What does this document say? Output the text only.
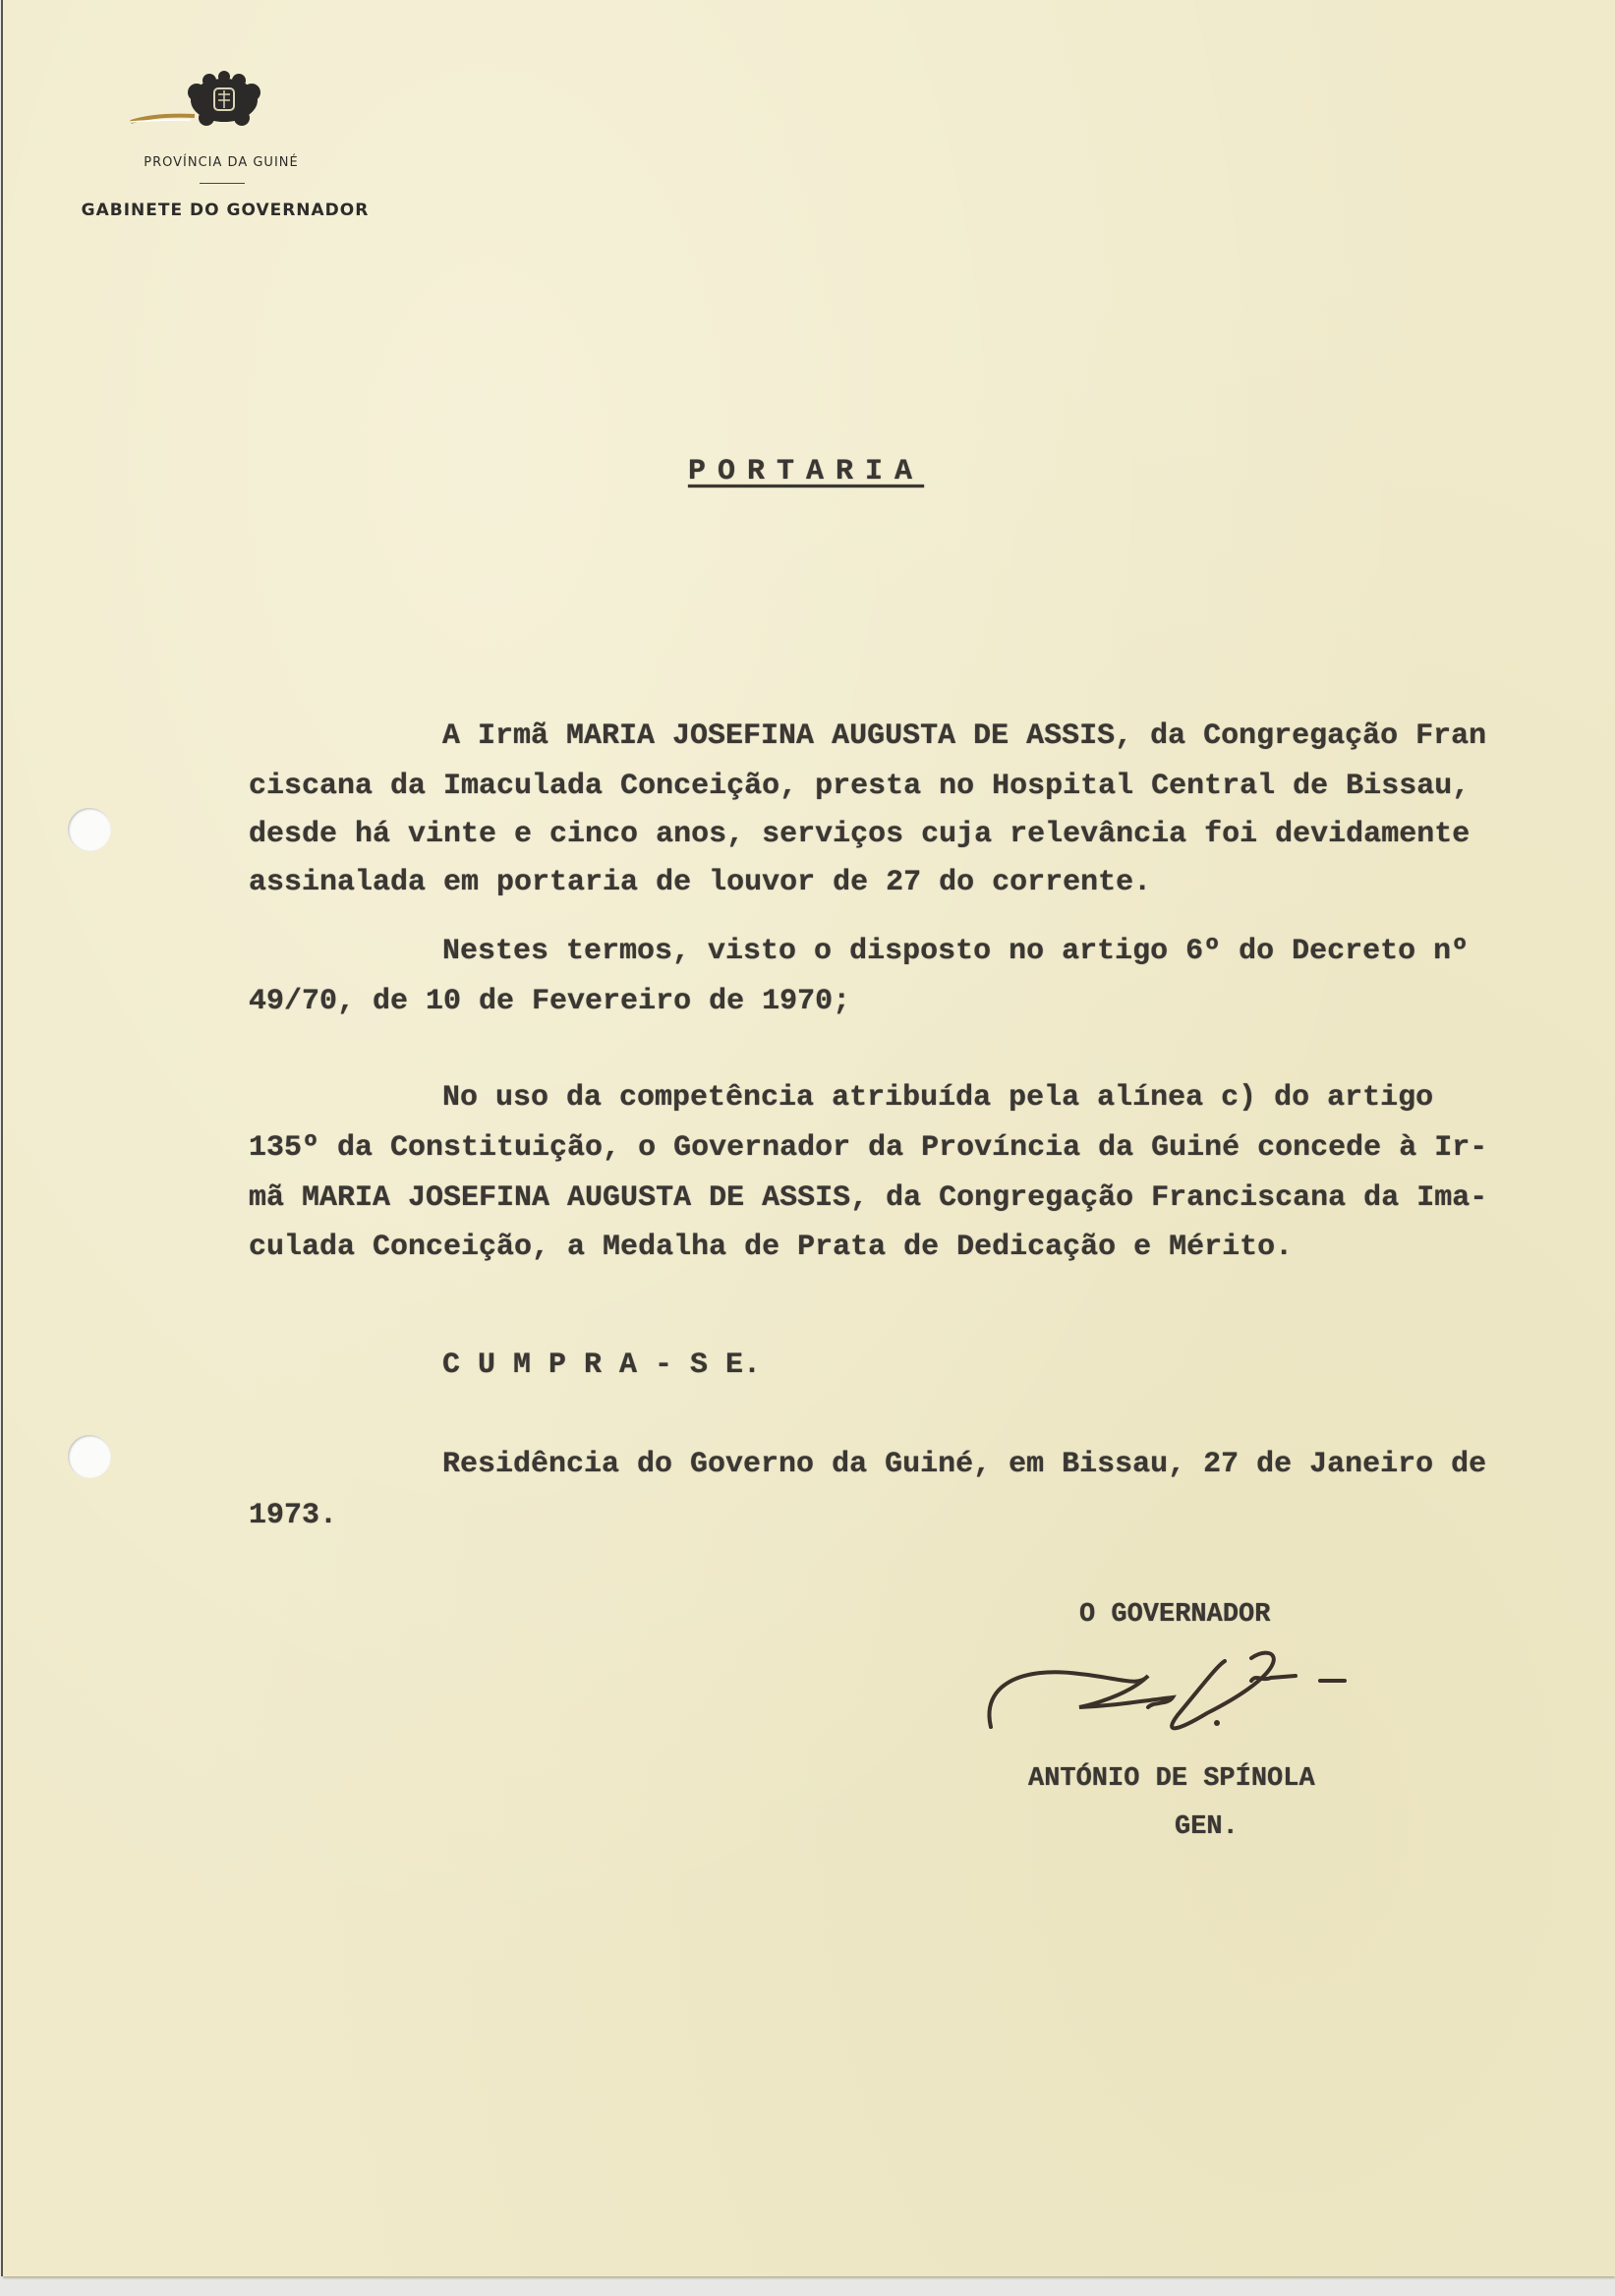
PROVÍNCIA DA GUINÉ
GABINETE DO GOVERNADOR
PORTARIA
A Irmã MARIA JOSEFINA AUGUSTA DE ASSIS, da Congregação Fran
ciscana da Imaculada Conceição, presta no Hospital Central de Bissau,
desde há vinte e cinco anos, serviços cuja relevância foi devidamente
assinalada em portaria de louvor de 27 do corrente.
Nestes termos, visto o disposto no artigo 6º do Decreto nº
49/70, de 10 de Fevereiro de 1970;
No uso da competência atribuída pela alínea c) do artigo
135º da Constituição, o Governador da Província da Guiné concede à Ir-
mã MARIA JOSEFINA AUGUSTA DE ASSIS, da Congregação Franciscana da Ima-
culada Conceição, a Medalha de Prata de Dedicação e Mérito.
C U M P R A - S E.
Residência do Governo da Guiné, em Bissau, 27 de Janeiro de
1973.
O GOVERNADOR
ANTÓNIO DE SPÍNOLA
GEN.
